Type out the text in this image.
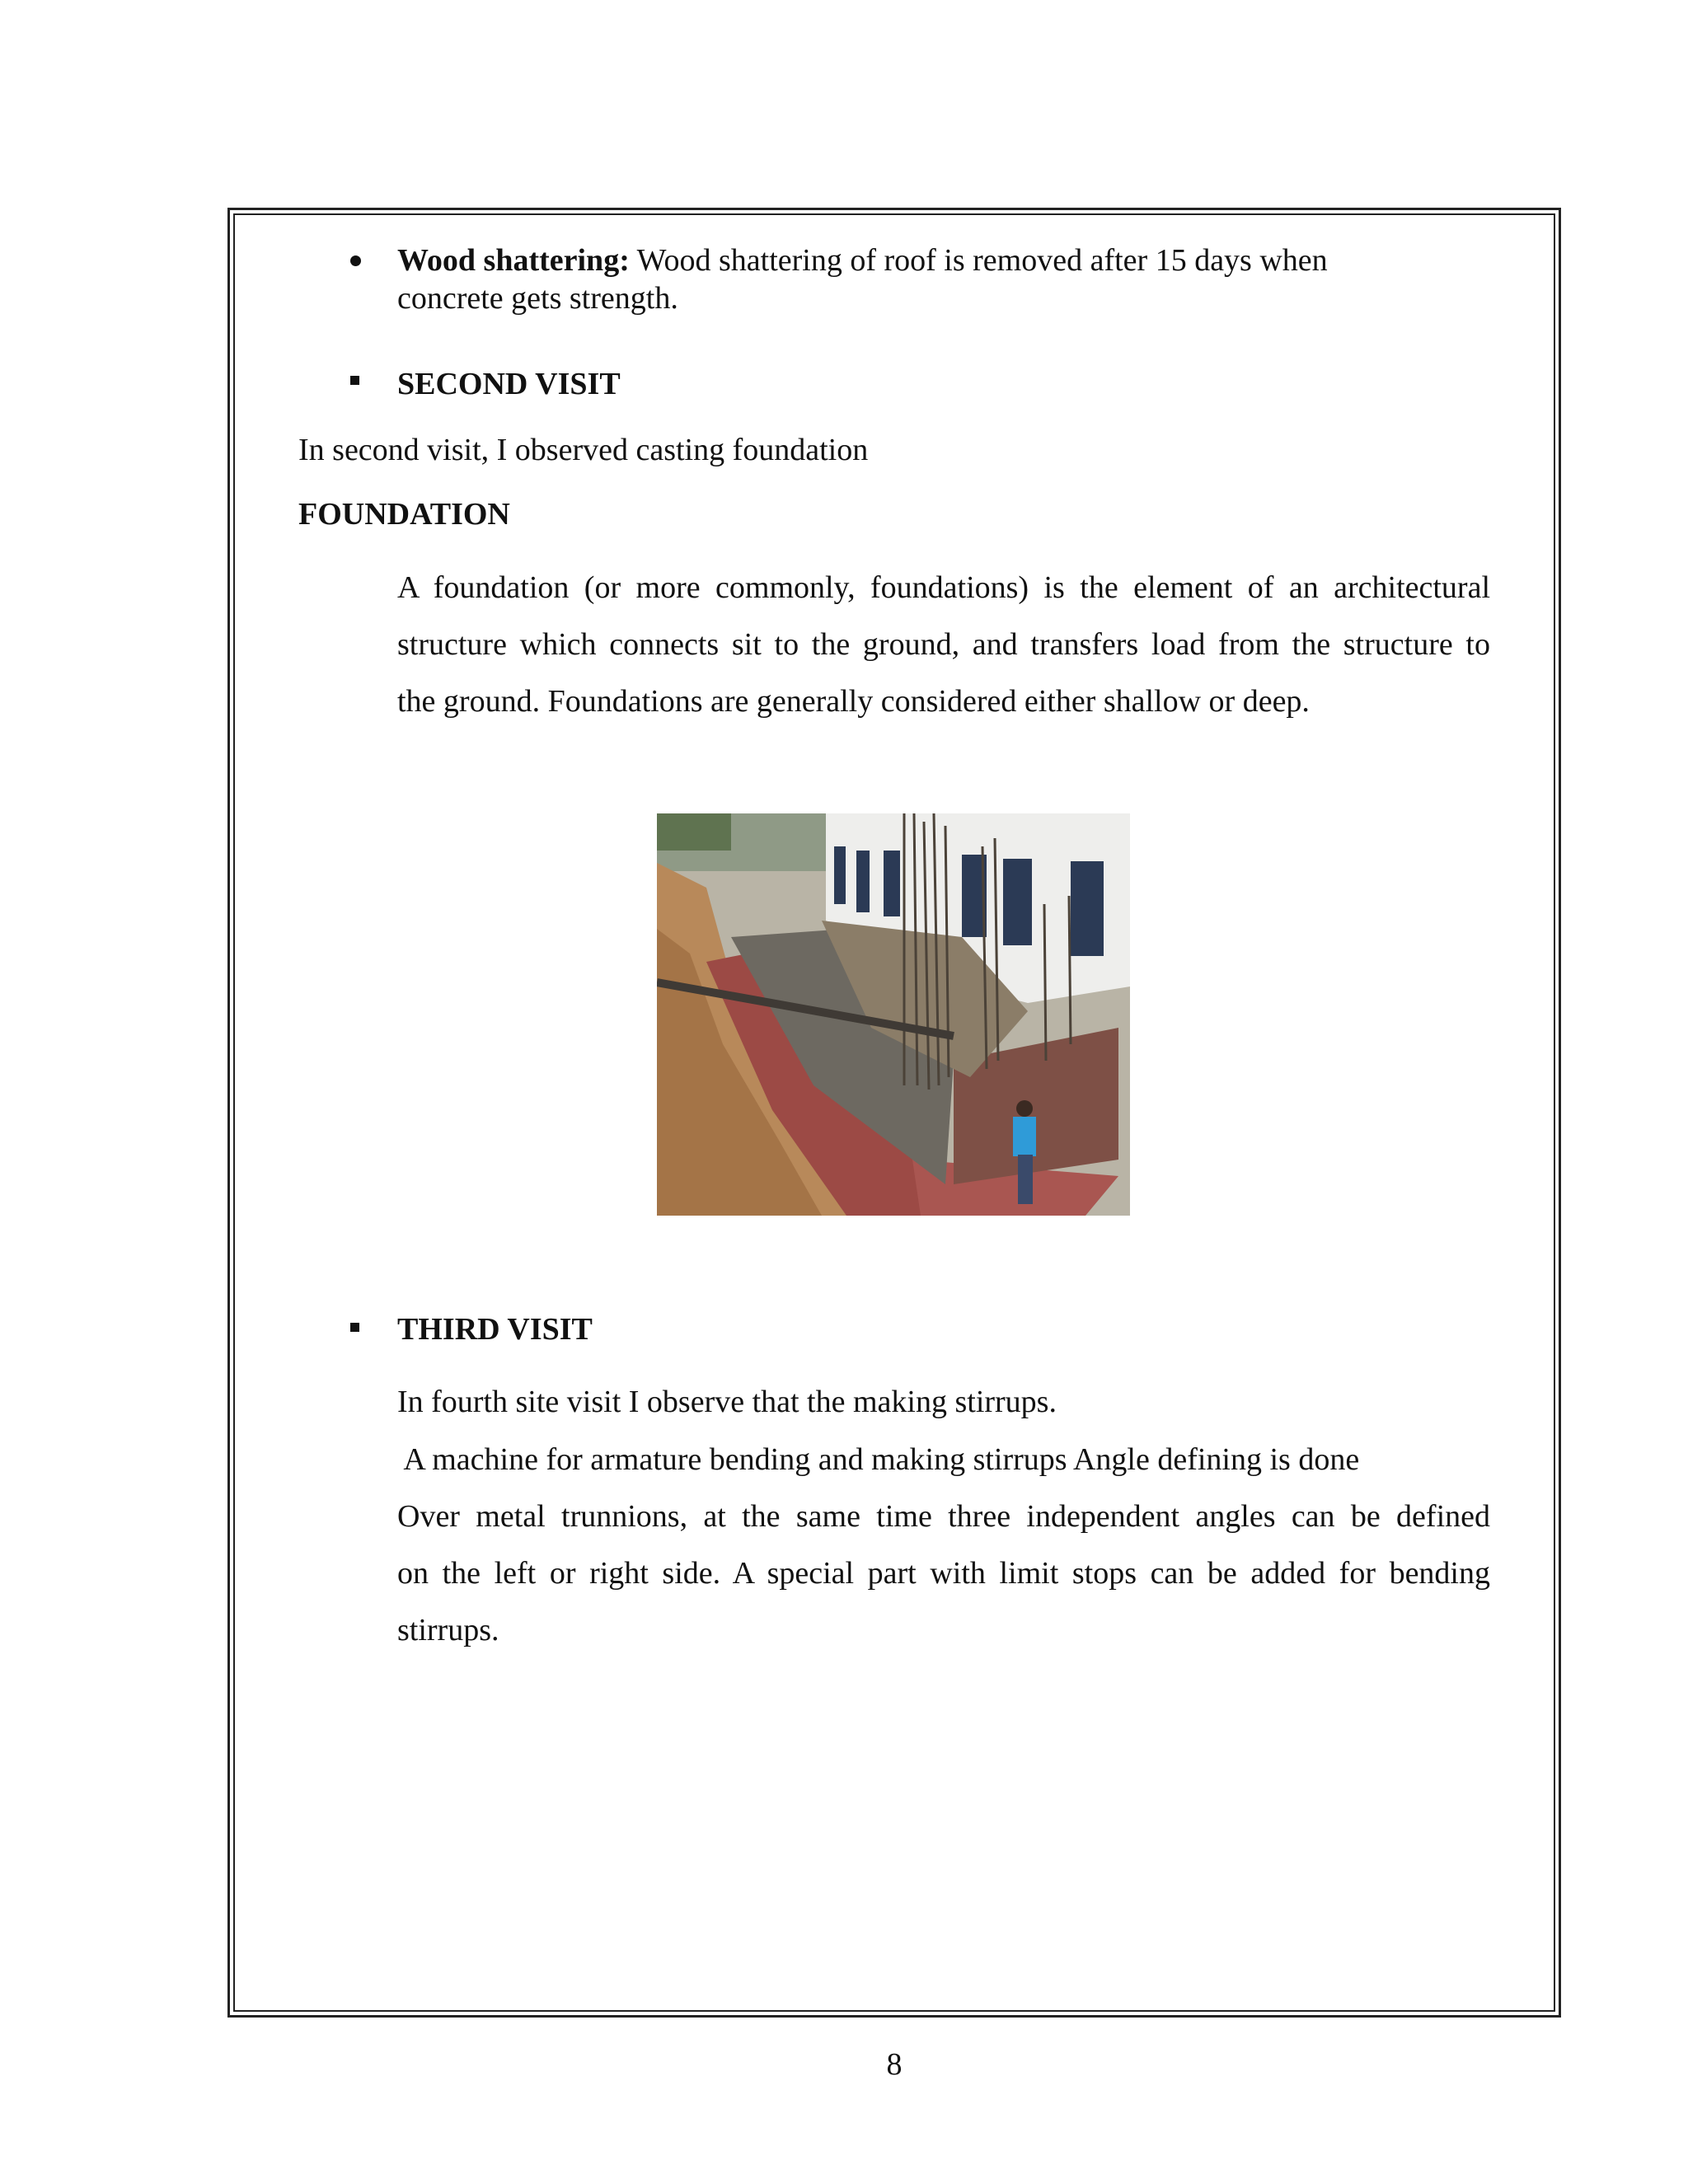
Wood shattering: Wood shattering of roof is removed after 15 days when
concrete gets strength.
SECOND VISIT
In second visit, I observed casting foundation
FOUNDATION
A foundation (or more commonly, foundations) is the element of an architectural
structure which connects sit to the ground, and transfers load from the structure to
the ground. Foundations are generally considered either shallow or deep.
THIRD VISIT
In fourth site visit I observe that the making stirrups.
A machine for armature bending and making stirrups Angle defining is done
Over metal trunnions, at the same time three independent angles can be defined
on the left or right side. A special part with limit stops can be added for bending
stirrups.
8
